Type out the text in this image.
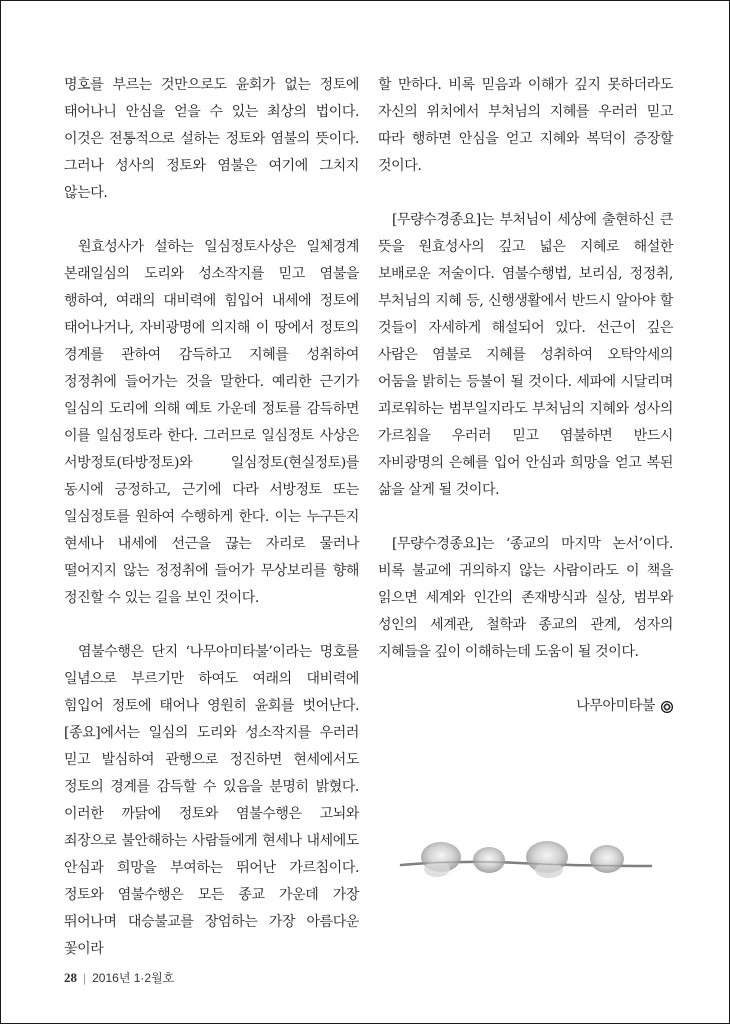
명호를 부르는 것만으로도 윤회가 없는 정토에 태어나니 안심을 얻을 수 있는 최상의 법이다. 이것은 전통적으로 설하는 정토와 염불의 뜻이다. 그러나 성사의 정토와 염불은 여기에 그치지 않는다.

원효성사가 설하는 일심정토사상은 일체경계 본래일심의 도리와 성소작지를 믿고 염불을 행하여, 여래의 대비력에 힘입어 내세에 정토에 태어나거나, 자비광명에 의지해 이 땅에서 정토의 경계를 관하여 감득하고 지혜를 성취하여 정정취에 들어가는 것을 말한다. 예리한 근기가 일심의 도리에 의해 예토 가운데 정토를 감득하면 이를 일심정토라 한다. 그러므로 일심정토 사상은 서방정토(타방정토)와 일심정토(현실정토)를 동시에 긍정하고, 근기에 다라 서방정토 또는 일심정토를 원하여 수행하게 한다. 이는 누구든지 현세나 내세에 선근을 끊는 자리로 물러나 떨어지지 않는 정정취에 들어가 무상보리를 향해 정진할 수 있는 길을 보인 것이다.

염불수행은 단지 ‘나무아미타불’이라는 명호를 일념으로 부르기만 하여도 여래의 대비력에 힘입어 정토에 태어나 영원히 윤회를 벗어난다. [종요]에서는 일심의 도리와 성소작지를 우러러 믿고 발심하여 관행으로 정진하면 현세에서도 정토의 경계를 감득할 수 있음을 분명히 밝혔다. 이러한 까닭에 정토와 염불수행은 고뇌와 죄장으로 불안해하는 사람들에게 현세나 내세에도 안심과 희망을 부여하는 뛰어난 가르침이다. 정토와 염불수행은 모든 종교 가운데 가장 뛰어나며 대승불교를 장엄하는 가장 아름다운 꽃이라

할 만하다. 비록 믿음과 이해가 깊지 못하더라도 자신의 위치에서 부처님의 지혜를 우러러 믿고 따라 행하면 안심을 얻고 지혜와 복덕이 증장할 것이다.

[무량수경종요]는 부처님이 세상에 출현하신 큰 뜻을 원효성사의 깊고 넓은 지혜로 해설한 보배로운 저술이다. 염불수행법, 보리심, 정정취, 부처님의 지혜 등, 신행생활에서 반드시 알아야 할 것들이 자세하게 해설되어 있다. 선근이 깊은 사람은 염불로 지혜를 성취하여 오탁악세의 어둠을 밝히는 등불이 될 것이다. 세파에 시달리며 괴로워하는 범부일지라도 부처님의 지혜와 성사의 가르침을 우러러 믿고 염불하면 반드시 자비광명의 은혜를 입어 안심과 희망을 얻고 복된 삶을 살게 될 것이다.

[무량수경종요]는 ‘종교의 마지막 논서’이다. 비록 불교에 귀의하지 않는 사람이라도 이 책을 읽으면 세계와 인간의 존재방식과 실상, 범부와 성인의 세계관, 철학과 종교의 관계, 성자의 지혜들을 깊이 이해하는데 도움이 될 것이다.

나무아미타불
28 | 2016년 1·2월호
